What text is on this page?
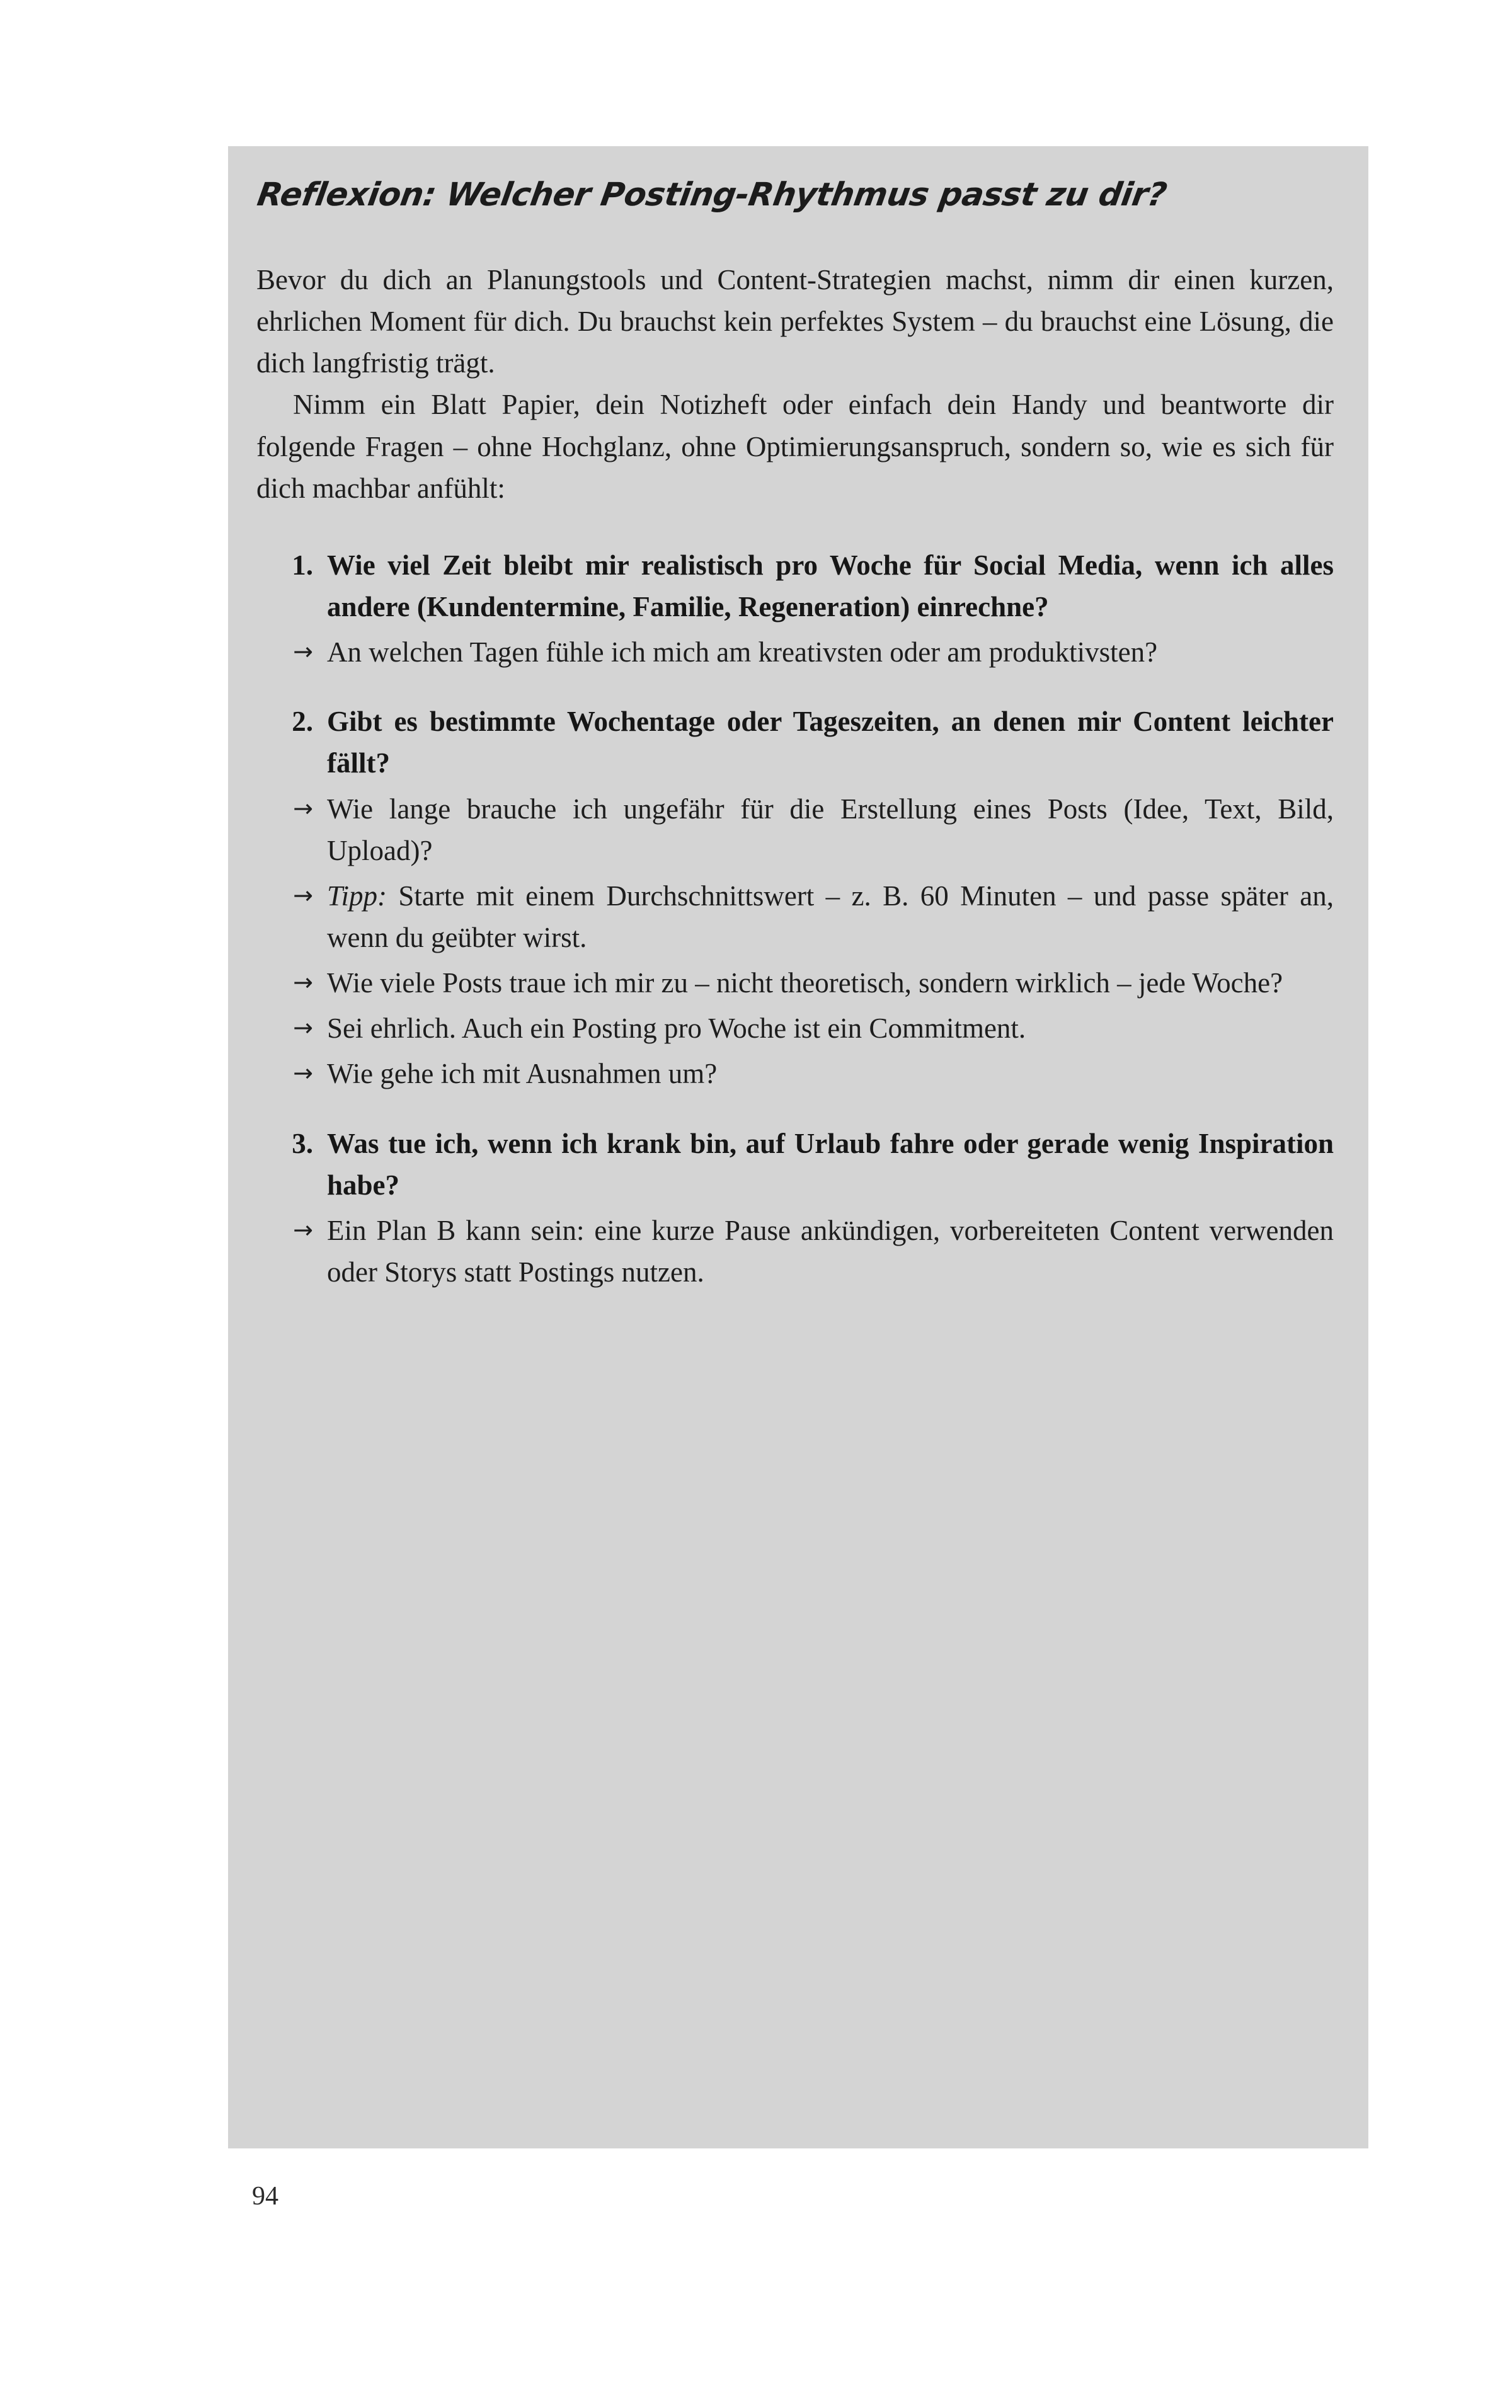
Reflexion: Welcher Posting-Rhythmus passt zu dir?

Bevor du dich an Planungstools und Content-Strategien machst, nimm dir einen kurzen, ehrlichen Moment für dich. Du brauchst kein perfektes System – du brauchst eine Lösung, die dich langfristig trägt.

Nimm ein Blatt Papier, dein Notizheft oder einfach dein Handy und beantworte dir folgende Fragen – ohne Hochglanz, ohne Optimierungsanspruch, sondern so, wie es sich für dich machbar anfühlt:

1. Wie viel Zeit bleibt mir realistisch pro Woche für Social Media, wenn ich alles andere (Kundentermine, Familie, Regeneration) einrechne?
→ An welchen Tagen fühle ich mich am kreativsten oder am produktivsten?
2. Gibt es bestimmte Wochentage oder Tageszeiten, an denen mir Content leichter fällt?
→ Wie lange brauche ich ungefähr für die Erstellung eines Posts (Idee, Text, Bild, Upload)?
→ Tipp: Starte mit einem Durchschnittswert – z. B. 60 Minuten – und passe später an, wenn du geübter wirst.
→ Wie viele Posts traue ich mir zu – nicht theoretisch, sondern wirklich – jede Woche?
→ Sei ehrlich. Auch ein Posting pro Woche ist ein Commitment.
→ Wie gehe ich mit Ausnahmen um?
3. Was tue ich, wenn ich krank bin, auf Urlaub fahre oder gerade wenig Inspiration habe?
→ Ein Plan B kann sein: eine kurze Pause ankündigen, vorbereiteten Content verwenden oder Storys statt Postings nutzen.
94
